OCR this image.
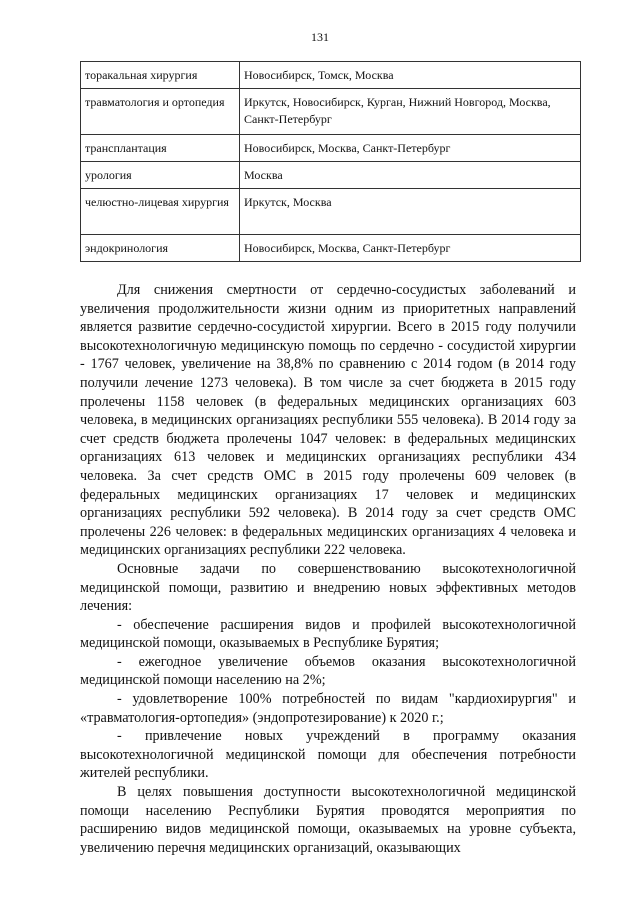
131
торакальная хирургия	Новосибирск, Томск, Москва
травматология и ортопедия	Иркутск, Новосибирск, Курган, Нижний Новгород, Москва, Санкт-Петербург
трансплантация	Новосибирск, Москва, Санкт-Петербург
урология	Москва
челюстно-лицевая хирургия	Иркутск, Москва
эндокринология	Новосибирск, Москва, Санкт-Петербург

Для снижения смертности от сердечно-сосудистых заболеваний и увеличения продолжительности жизни одним из приоритетных направлений является развитие сердечно-сосудистой хирургии. Всего в 2015 году получили высокотехнологичную медицинскую помощь по сердечно - сосудистой хирургии - 1767 человек, увеличение на 38,8% по сравнению с 2014 годом (в 2014 году получили лечение 1273 человека). В том числе за счет бюджета в 2015 году пролечены 1158 человек (в федеральных медицинских организациях 603 человека, в медицинских организациях республики 555 человека). В 2014 году за счет средств бюджета пролечены 1047 человек: в федеральных медицинских организациях 613 человек и медицинских организациях республики 434 человека. За счет средств ОМС в 2015 году пролечены 609 человек (в федеральных медицинских организациях 17 человек и медицинских организациях республики 592 человека). В 2014 году за счет средств ОМС пролечены 226 человек: в федеральных медицинских организациях 4 человека и медицинских организациях республики 222 человека.

Основные задачи по совершенствованию высокотехнологичной медицинской помощи, развитию и внедрению новых эффективных методов лечения:

- обеспечение расширения видов и профилей высокотехнологичной медицинской помощи, оказываемых в Республике Бурятия;

- ежегодное увеличение объемов оказания высокотехнологичной медицинской помощи населению на 2%;

- удовлетворение 100% потребностей по видам "кардиохирургия" и «травматология-ортопедия» (эндопротезирование) к 2020 г.;

- привлечение новых учреждений в программу оказания высокотехнологичной медицинской помощи для обеспечения потребности жителей республики.

В целях повышения доступности высокотехнологичной медицинской помощи населению Республики Бурятия проводятся мероприятия по расширению видов медицинской помощи, оказываемых на уровне субъекта, увеличению перечня медицинских организаций, оказывающих
